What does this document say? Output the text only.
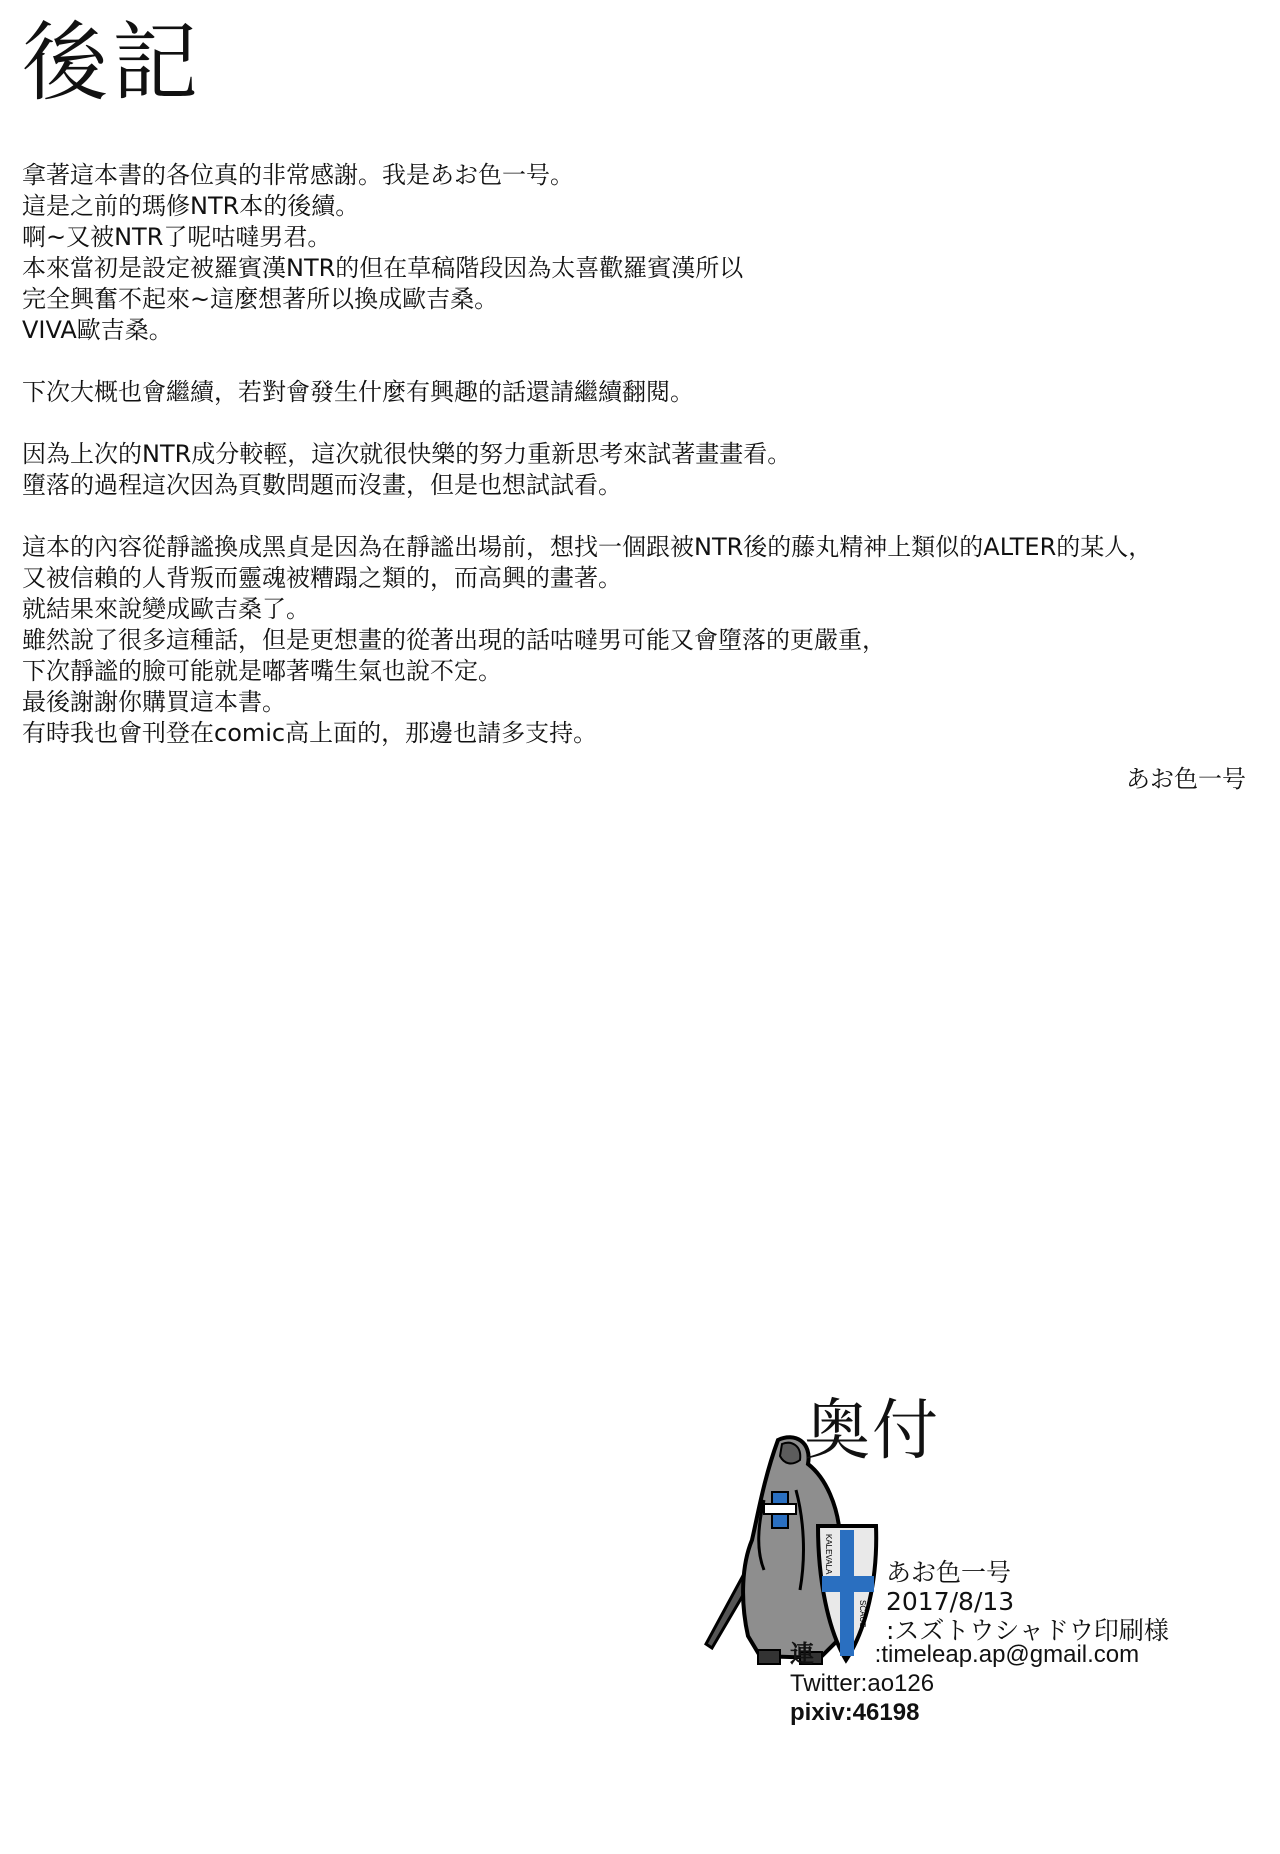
後記

拿著這本書的各位真的非常感謝。我是あお色一号。
這是之前的瑪修NTR本的後續。
啊~又被NTR了呢咕噠男君。
本來當初是設定被羅賓漢NTR的但在草稿階段因為太喜歡羅賓漢所以
完全興奮不起來~這麼想著所以換成歐吉桑。
VIVA歐吉桑。

下次大概也會繼續，若對會發生什麼有興趣的話還請繼續翻閱。

因為上次的NTR成分較輕，這次就很快樂的努力重新思考來試著畫畫看。
墮落的過程這次因為頁數問題而沒畫，但是也想試試看。

這本的內容從靜謐換成黑貞是因為在靜謐出場前，想找一個跟被NTR後的藤丸精神上類似的ALTER的某人，
又被信賴的人背叛而靈魂被糟蹋之類的，而高興的畫著。
就結果來說變成歐吉桑了。
雖然說了很多這種話，但是更想畫的從著出現的話咕噠男可能又會墮落的更嚴重，
下次靜謐的臉可能就是嘟著嘴生氣也說不定。
最後謝謝你購買這本書。
有時我也會刊登在comic高上面的，那邊也請多支持。

あお色一号
KALEVALA
SCAUS
奥付
あお色一号
2017/8/13
:スズトウシャドウ印刷様
連	:timeleap.ap@gmail.com
Twitter:ao126
pixiv:46198
